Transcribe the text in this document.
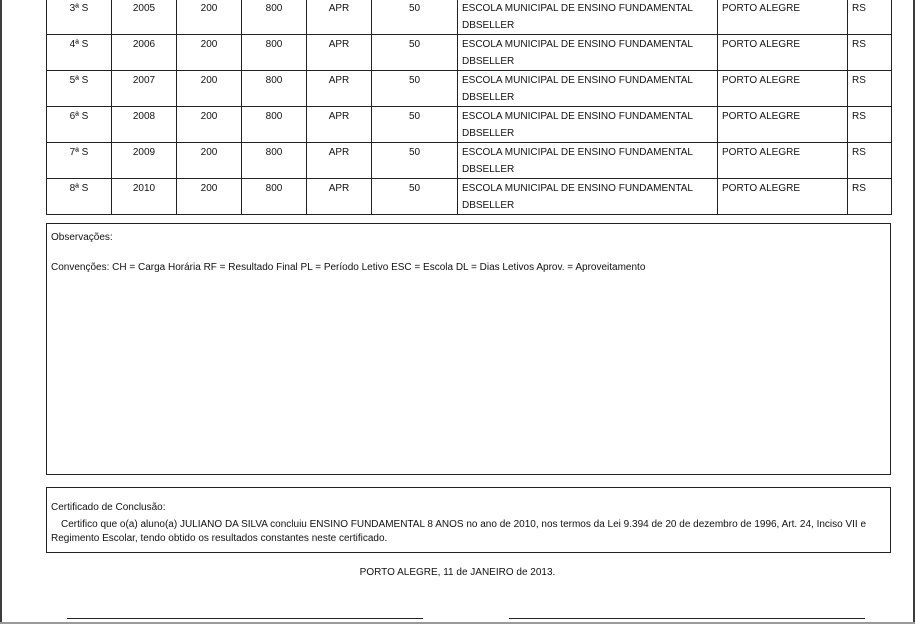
3ª S	2005	200	800	APR	50	ESCOLA MUNICIPAL DE ENSINO FUNDAMENTAL
DBSELLER	PORTO ALEGRE	RS
4ª S	2006	200	800	APR	50	ESCOLA MUNICIPAL DE ENSINO FUNDAMENTAL
DBSELLER	PORTO ALEGRE	RS
5ª S	2007	200	800	APR	50	ESCOLA MUNICIPAL DE ENSINO FUNDAMENTAL
DBSELLER	PORTO ALEGRE	RS
6ª S	2008	200	800	APR	50	ESCOLA MUNICIPAL DE ENSINO FUNDAMENTAL
DBSELLER	PORTO ALEGRE	RS
7ª S	2009	200	800	APR	50	ESCOLA MUNICIPAL DE ENSINO FUNDAMENTAL
DBSELLER	PORTO ALEGRE	RS
8ª S	2010	200	800	APR	50	ESCOLA MUNICIPAL DE ENSINO FUNDAMENTAL
DBSELLER	PORTO ALEGRE	RS
Observações:
Convenções: CH = Carga Horária RF = Resultado Final PL = Período Letivo ESC = Escola DL = Dias Letivos Aprov. = Aproveitamento
Certificado de Conclusão:
Certifico que o(a) aluno(a) JULIANO DA SILVA concluiu ENSINO FUNDAMENTAL 8 ANOS no ano de 2010, nos termos da Lei 9.394 de 20 de dezembro de 1996, Art. 24, Inciso VII e Regimento Escolar, tendo obtido os resultados constantes neste certificado.
PORTO ALEGRE, 11 de JANEIRO de 2013.
